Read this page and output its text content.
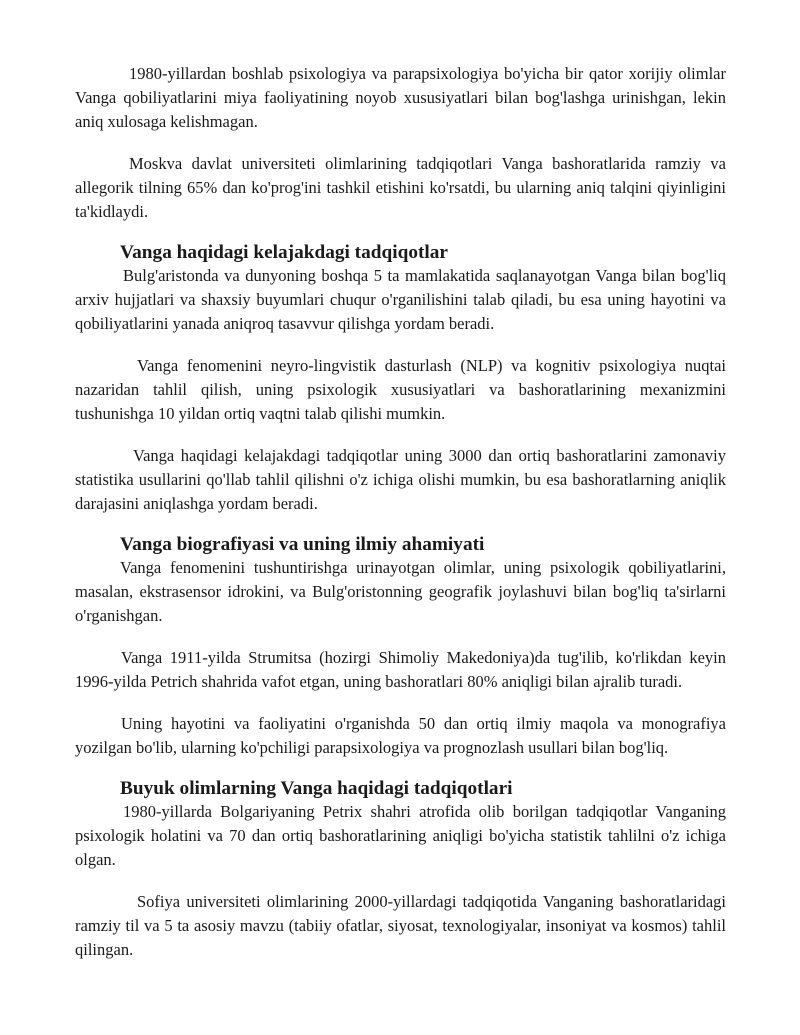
1980-yillardan boshlab psixologiya va parapsixologiya bo'yicha bir qator xorijiy olimlar Vanga qobiliyatlarini miya faoliyatining noyob xususiyatlari bilan bog'lashga urinishgan, lekin aniq xulosaga kelishmagan.

Moskva davlat universiteti olimlarining tadqiqotlari Vanga bashoratlarida ramziy va allegorik tilning 65% dan ko'prog'ini tashkil etishini ko'rsatdi, bu ularning aniq talqini qiyinligini ta'kidlaydi.

Vanga haqidagi kelajakdagi tadqiqotlar

Bulg'aristonda va dunyoning boshqa 5 ta mamlakatida saqlanayotgan Vanga bilan bog'liq arxiv hujjatlari va shaxsiy buyumlari chuqur o'rganilishini talab qiladi, bu esa uning hayotini va qobiliyatlarini yanada aniqroq tasavvur qilishga yordam beradi.

Vanga fenomenini neyro-lingvistik dasturlash (NLP) va kognitiv psixologiya nuqtai nazaridan tahlil qilish, uning psixologik xususiyatlari va bashoratlarining mexanizmini tushunishga 10 yildan ortiq vaqtni talab qilishi mumkin.

Vanga haqidagi kelajakdagi tadqiqotlar uning 3000 dan ortiq bashoratlarini zamonaviy statistika usullarini qo'llab tahlil qilishni o'z ichiga olishi mumkin, bu esa bashoratlarning aniqlik darajasini aniqlashga yordam beradi.

Vanga biografiyasi va uning ilmiy ahamiyati

Vanga fenomenini tushuntirishga urinayotgan olimlar, uning psixologik qobiliyatlarini, masalan, ekstrasensor idrokini, va Bulg'oristonning geografik joylashuvi bilan bog'liq ta'sirlarni o'rganishgan.

Vanga 1911-yilda Strumitsa (hozirgi Shimoliy Makedoniya)da tug'ilib, ko'rlikdan keyin 1996-yilda Petrich shahrida vafot etgan, uning bashoratlari 80% aniqligi bilan ajralib turadi.

Uning hayotini va faoliyatini o'rganishda 50 dan ortiq ilmiy maqola va monografiya yozilgan bo'lib, ularning ko'pchiligi parapsixologiya va prognozlash usullari bilan bog'liq.

Buyuk olimlarning Vanga haqidagi tadqiqotlari

1980-yillarda Bolgariyaning Petrix shahri atrofida olib borilgan tadqiqotlar Vanganing psixologik holatini va 70 dan ortiq bashoratlarining aniqligi bo'yicha statistik tahlilni o'z ichiga olgan.

Sofiya universiteti olimlarining 2000-yillardagi tadqiqotida Vanganing bashoratlaridagi ramziy til va 5 ta asosiy mavzu (tabiiy ofatlar, siyosat, texnologiyalar, insoniyat va kosmos) tahlil qilingan.
